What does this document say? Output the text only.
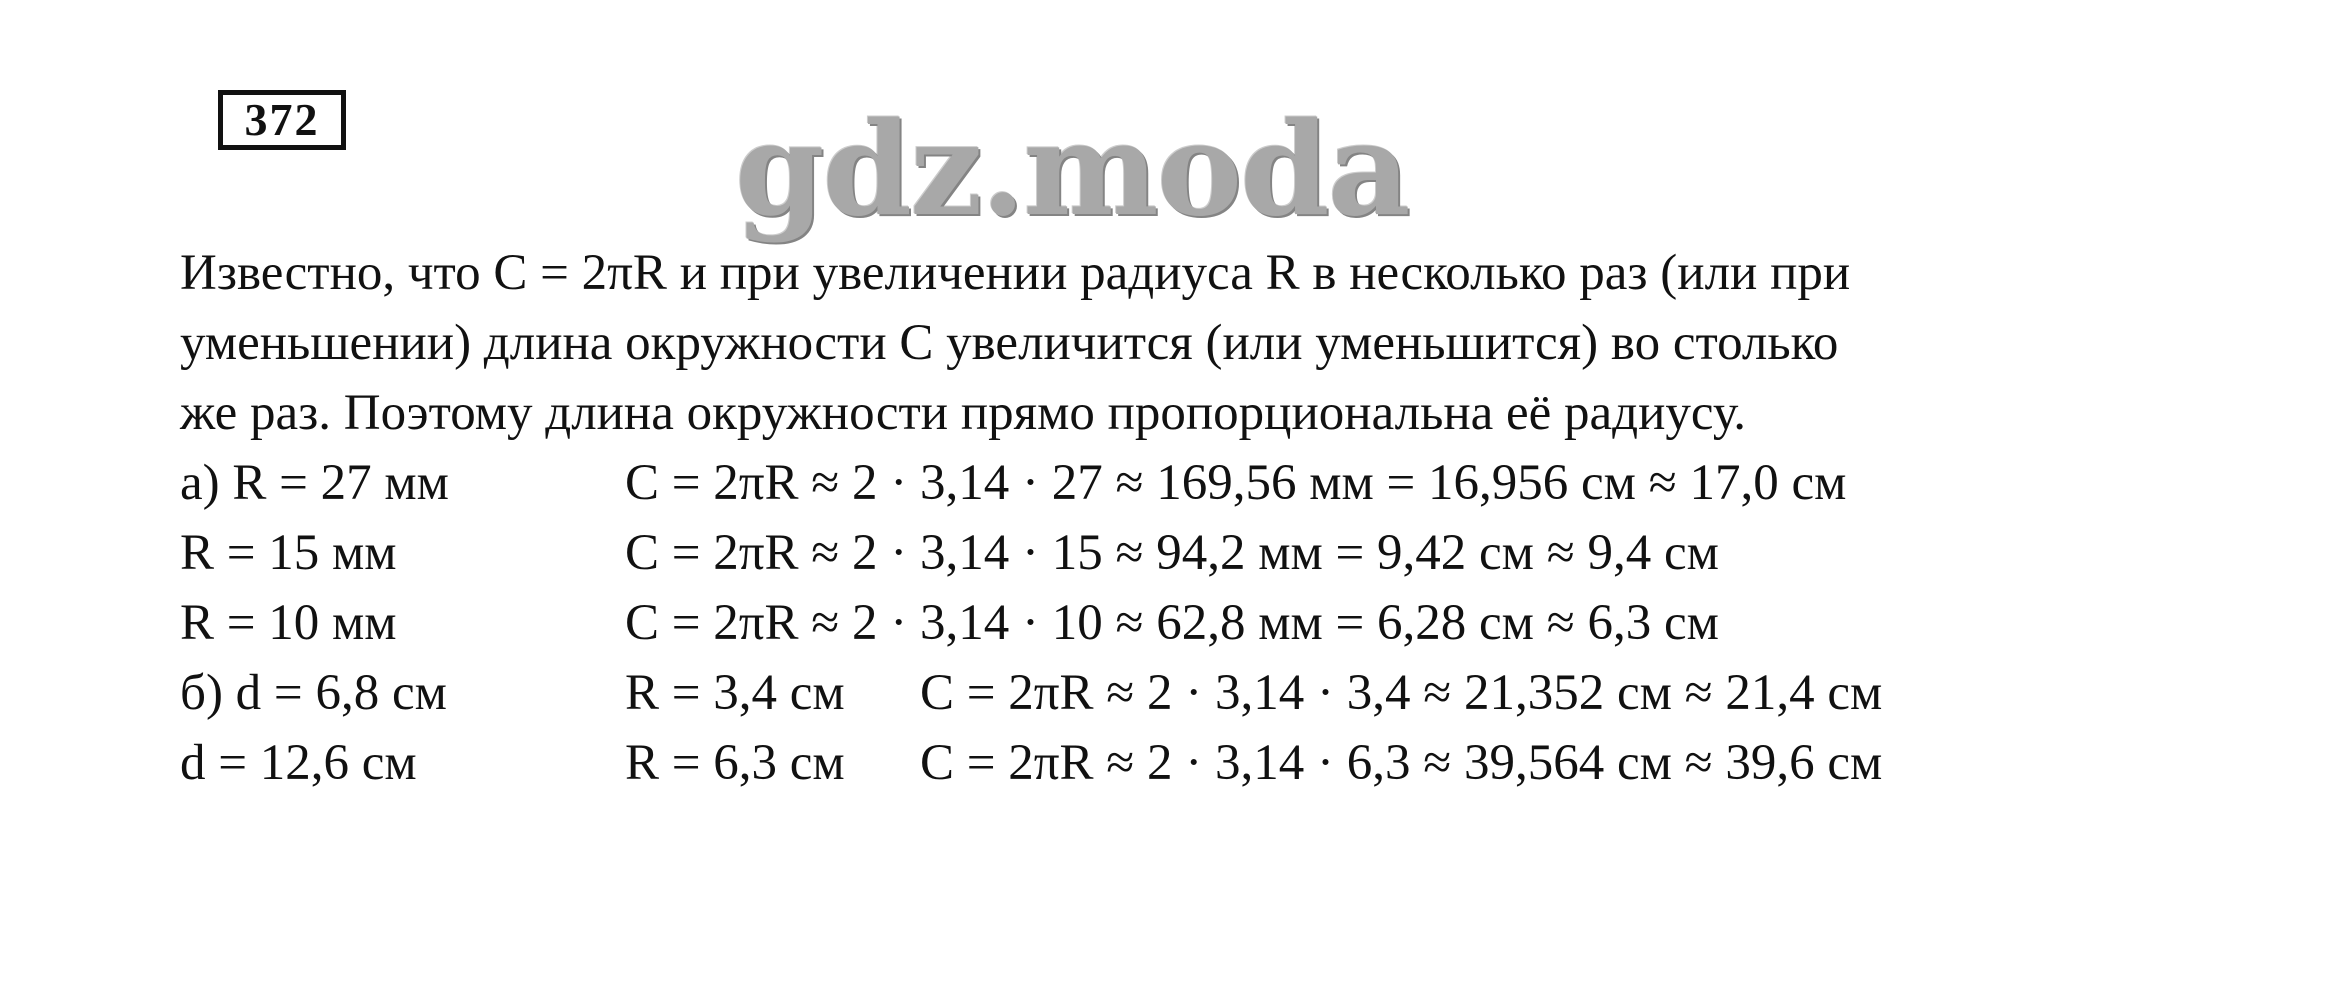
372	gdz.moda
Известно, что С = 2πR и при увеличении радиуса R в несколько раз (или при
уменьшении) длина окружности С увеличится (или уменьшится) во столько
же раз. Поэтому длина окружности прямо пропорциональна её радиусу.
а) R = 27 мм	С = 2πR ≈ 2 · 3,14 · 27 ≈ 169,56 мм = 16,956 см ≈ 17,0 см
R = 15 мм	С = 2πR ≈ 2 · 3,14 · 15 ≈ 94,2 мм = 9,42 см ≈ 9,4 см
R = 10 мм	С = 2πR ≈ 2 · 3,14 · 10 ≈ 62,8 мм = 6,28 см ≈ 6,3 см
б) d = 6,8 см	R = 3,4 см С = 2πR ≈ 2 · 3,14 · 3,4 ≈ 21,352 см ≈ 21,4 см
d = 12,6 см	R = 6,3 см С = 2πR ≈ 2 · 3,14 · 6,3 ≈ 39,564 см ≈ 39,6 см
